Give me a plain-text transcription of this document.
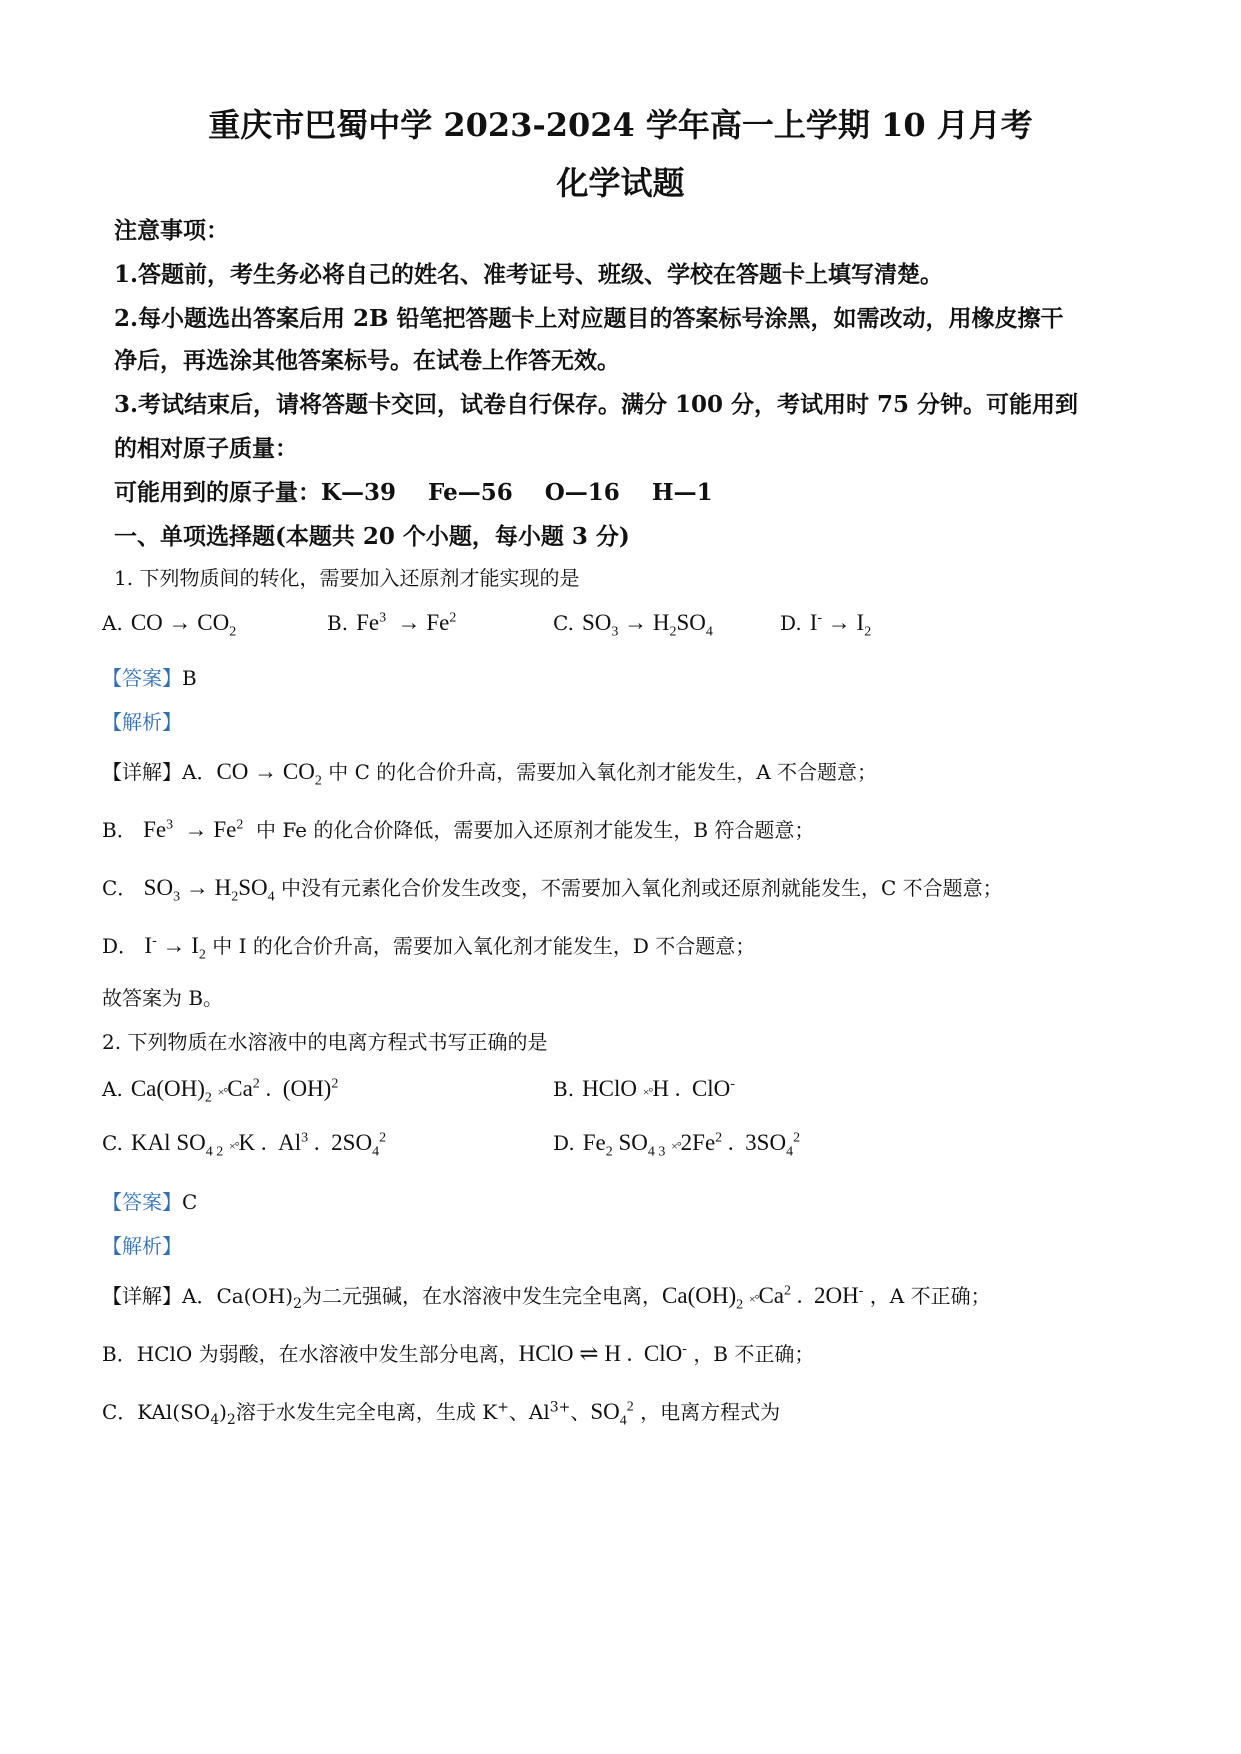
重庆市巴蜀中学 2023-2024 学年高一上学期 10 月月考
化学试题
注意事项：
1.答题前，考生务必将自己的姓名、准考证号、班级、学校在答题卡上填写清楚。
2.每小题选出答案后用 2B 铅笔把答题卡上对应题目的答案标号涂黑，如需改动，用橡皮擦干
净后，再选涂其他答案标号。在试卷上作答无效。
3.考试结束后，请将答题卡交回，试卷自行保存。满分 100 分，考试用时 75 分钟。可能用到
的相对原子质量：
可能用到的原子量：K—39    Fe—56    O—16    H—1
一、单项选择题(本题共 20 个小题，每小题 3 分)
1. 下列物质间的转化，需要加入还原剂才能实现的是
A. CO → $CO_2$	B. $Fe^3 \to Fe^2$	C. $SO_3 \to H_2SO_4$	D. $I^- \to I_2$
【答案】B
【解析】
【详解】A．CO → $CO_2$ 中 C 的化合价升高，需要加入氧化剂才能发生，A 不合题意；
B． $Fe^3 \to Fe^2$ 中 Fe 的化合价降低，需要加入还原剂才能发生，B 符合题意；
C． $SO_3 \to H_2SO_4$ 中没有元素化合价发生改变，不需要加入氧化剂或还原剂就能发生，C 不合题意；
D． $I^- \to I_2$ 中 I 的化合价升高，需要加入氧化剂才能发生，D 不合题意；
故答案为 B。
2. 下列物质在水溶液中的电离方程式书写正确的是
A. $Ca(OH)_2 \times^\circ Ca^2$ .  (OH)$^2$	B. HClO ×°H .  ClO-
C. KAl $SO_{4 2} \times^\circ K$ .  Al$^3$ .  $2SO_4^2$	D. $Fe_2$ $SO_{4 3} \times^\circ 2Fe^2$ .  $3SO_4^2$
【答案】C
【解析】
【详解】A．$Ca(OH)_2$为二元强碱，在水溶液中发生完全电离，$Ca(OH)_2 \times^\circ Ca^2$ .  2OH- ，A 不正确；
B．HClO 为弱酸，在水溶液中发生部分电离，HClO ⇌ H .  ClO- ，B 不正确；
C．$KAl(SO_4)_2$溶于水发生完全电离，生成 K+、$Al^{3+}$、$SO_4^2$ ，电离方程式为
